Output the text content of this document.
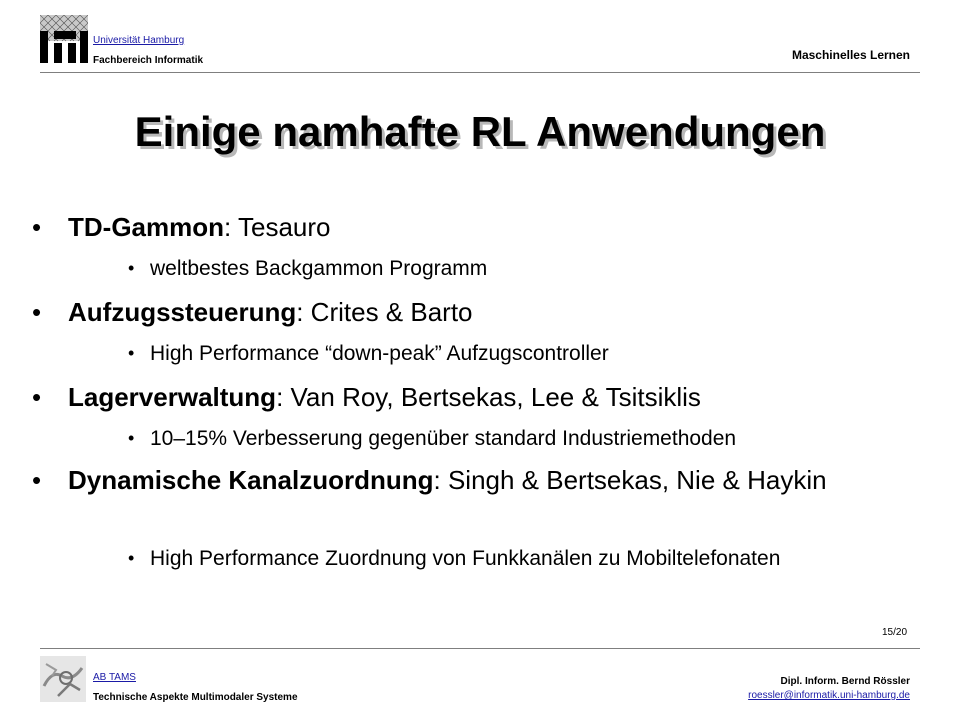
Universität Hamburg
Fachbereich Informatik	Maschinelles Lernen
Einige namhafte RL Anwendungen
• TD-Gammon: Tesauro
• weltbestes Backgammon Programm
• Aufzugssteuerung: Crites & Barto
• High Performance “down-peak” Aufzugscontroller
• Lagerverwaltung: Van Roy, Bertsekas, Lee & Tsitsiklis
• 10–15% Verbesserung gegenüber standard Industriemethoden
• Dynamische Kanalzuordnung: Singh & Bertsekas, Nie & Haykin
• High Performance Zuordnung von Funkkanälen zu Mobiltelefonaten
15/20
AB TAMS
Technische Aspekte Multimodaler Systeme
Dipl. Inform. Bernd Rössler
roessler@informatik.uni-hamburg.de
